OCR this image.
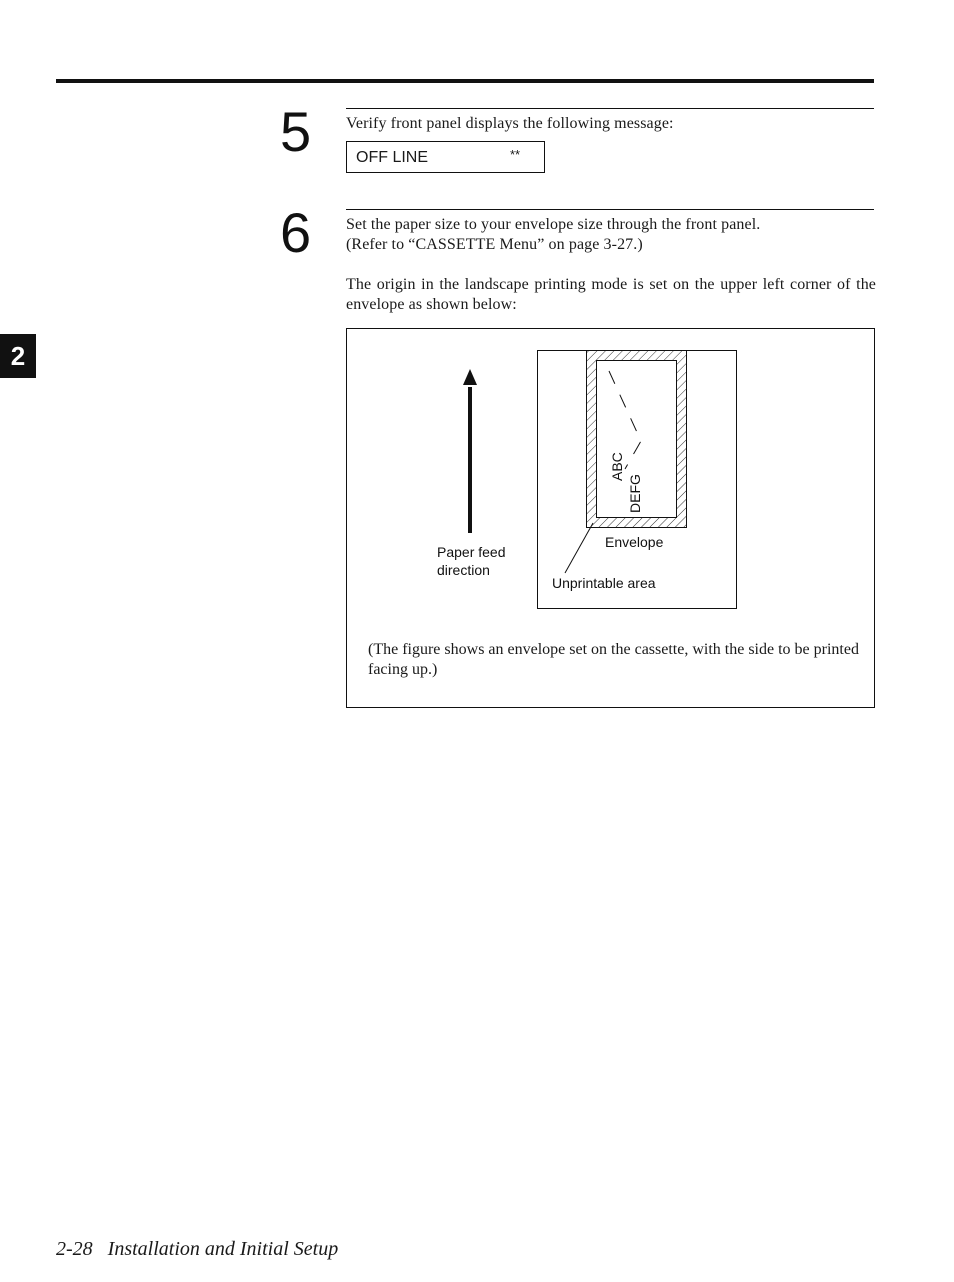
2
5	Verify front panel displays the following message:
OFF LINE	**
6	Set the paper size to your envelope size through the front panel.
(Refer to “CASSETTE Menu” on page 3-27.)
The origin in the landscape printing mode is set on the upper left corner of the envelope as shown below:
ABC
DEFG
Paper feed
direction
Envelope
Unprintable area
(The figure shows an envelope set on the cassette, with the side to be printed facing up.)
2-28 Installation and Initial Setup
